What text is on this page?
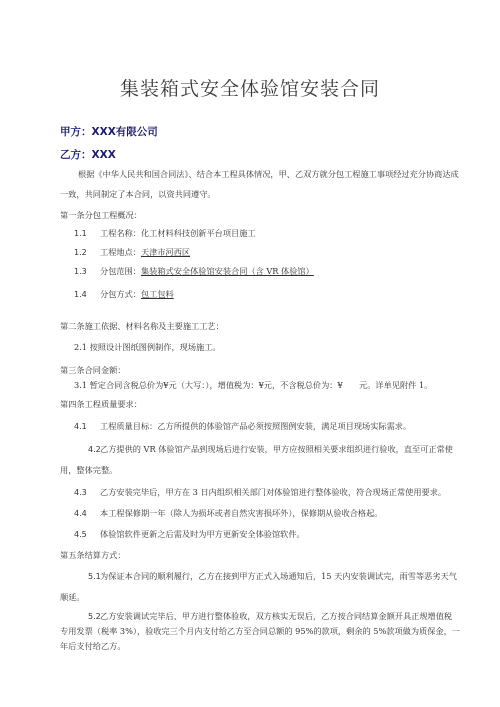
集装箱式安全体验馆安装合同
甲方：XXX有限公司
乙方：XXX
根据《中华人民共和国合同法》、结合本工程具体情况，甲、乙双方就分包工程施工事项经过充分协商达成一致，共同制定了本合同，以资共同遵守。
第一条分包工程概况：
1.1 工程名称：化工材料科技创新平台项目施工
1.2 工程地点：天津市河西区
1.3 分包范围：集装箱式安全体验馆安装合同（含 VR 体验馆）
1.4 分包方式：包工包料
第二条施工依据、材料名称及主要施工工艺：
2.1 按照设计图纸图例制作，现场施工。
第三条合同金额：
3.1 暂定合同含税总价为¥元（大写：），增值税为：¥元，不含税总价为：¥　　元。详单见附件 1。
第四条工程质量要求：
4.1 工程质量目标：乙方所提供的体验馆产品必须按照图例安装，满足项目现场实际需求。
4.2乙方提供的 VR 体验馆产品到现场后进行安装，甲方应按照相关要求组织进行验收，直至可正常使用，整体完整。
4.3 乙方安装完毕后，甲方在 3 日内组织相关部门对体验馆进行整体验收，符合现场正常使用要求。
4.4 本工程保修期一年（除人为损坏或者自然灾害损坏外），保修期从验收合格起。
4.5 体验馆软件更新之后需及时为甲方更新安全体验馆软件。
第五条结算方式：
5.1为保证本合同的顺利履行，乙方在接到甲方正式入场通知后，15 天内安装调试完，雨雪等恶劣天气顺延。
5.2乙方安装调试完毕后、甲方进行整体验收，双方核实无误后，乙方按合同结算金额开具正规增值税专用发票（税率 3%），验收完三个月内支付给乙方至合同总额的 95%的款项，剩余的 5%款项做为质保金，一年后支付给乙方。
